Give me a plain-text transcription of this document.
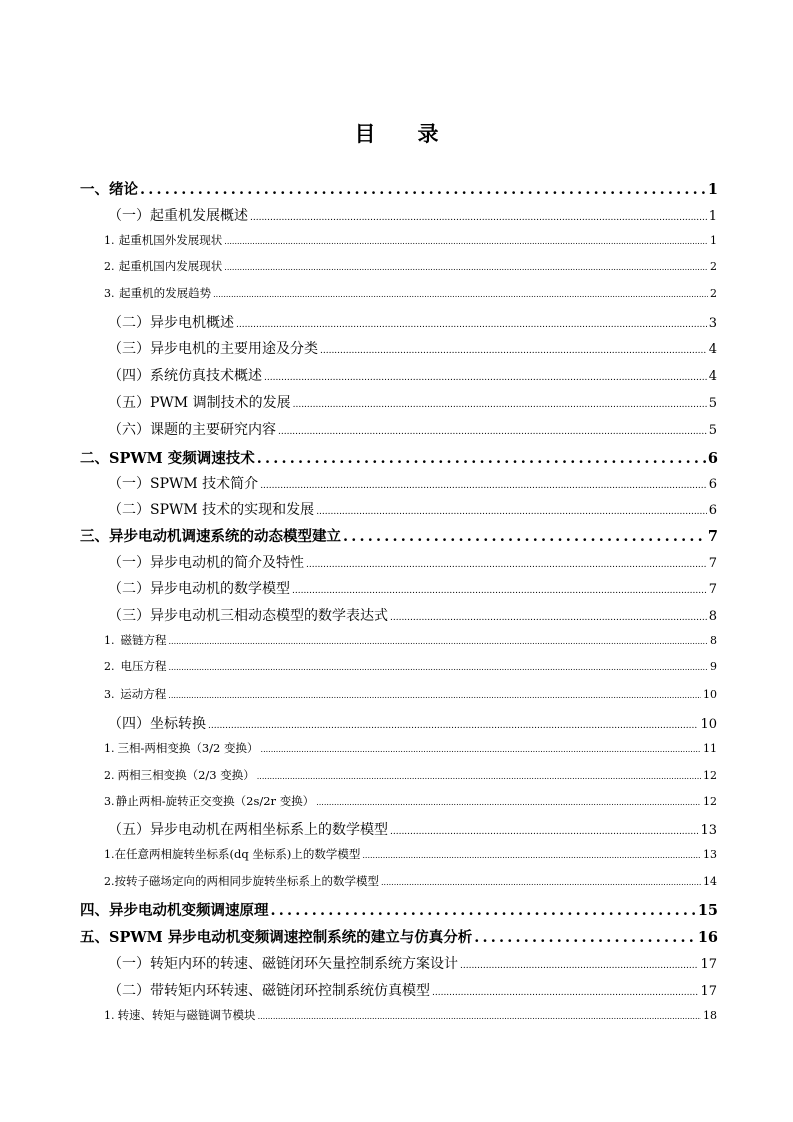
目 录
一、 绪论 .....	1
（一） 起重机发展概述 .....	1
1. 起重机国外发展现状 .....	1
2. 起重机国内发展现状 .....	2
3. 起重机的发展趋势 .....	2
（二） 异步电机概述 .....	3
（三） 异步电机的主要用途及分类 .....	4
（四） 系统仿真技术概述 .....	4
（五） PWM 调制技术的发展 .....	5
（六） 课题的主要研究内容 .....	5
二、 SPWM 变频调速技术 .....	6
（一） SPWM 技术简介 .....	6
（二） SPWM 技术的实现和发展 .....	6
三、 异步电动机调速系统的动态模型建立 .....	7
（一） 异步电动机的简介及特性 .....	7
（二） 异步电动机的数学模型 .....	7
（三） 异步电动机三相动态模型的数学表达式 .....	8
1. 磁链方程 .....	8
2. 电压方程 .....	9
3. 运动方程 .....	10
（四） 坐标转换 .....	10
1. 三相-两相变换（3/2 变换） .....	11
2. 两相三相变换（2/3 变换） .....	12
3. 静止两相-旋转正交变换（2s/2r 变换） .....	12
（五） 异步电动机在两相坐标系上的数学模型 .....	13
1. 在任意两相旋转坐标系(dq 坐标系)上的数学模型 .....	13
2. 按转子磁场定向的两相同步旋转坐标系上的数学模型 .....	14
四、 异步电动机变频调速原理 .....	15
五、 SPWM 异步电动机变频调速控制系统的建立与仿真分析 .....	16
（一） 转矩内环的转速、磁链闭环矢量控制系统方案设计 .....	17
（二） 带转矩内环转速、磁链闭环控制系统仿真模型 .....	17
1. 转速、转矩与磁链调节模块 .....	18
